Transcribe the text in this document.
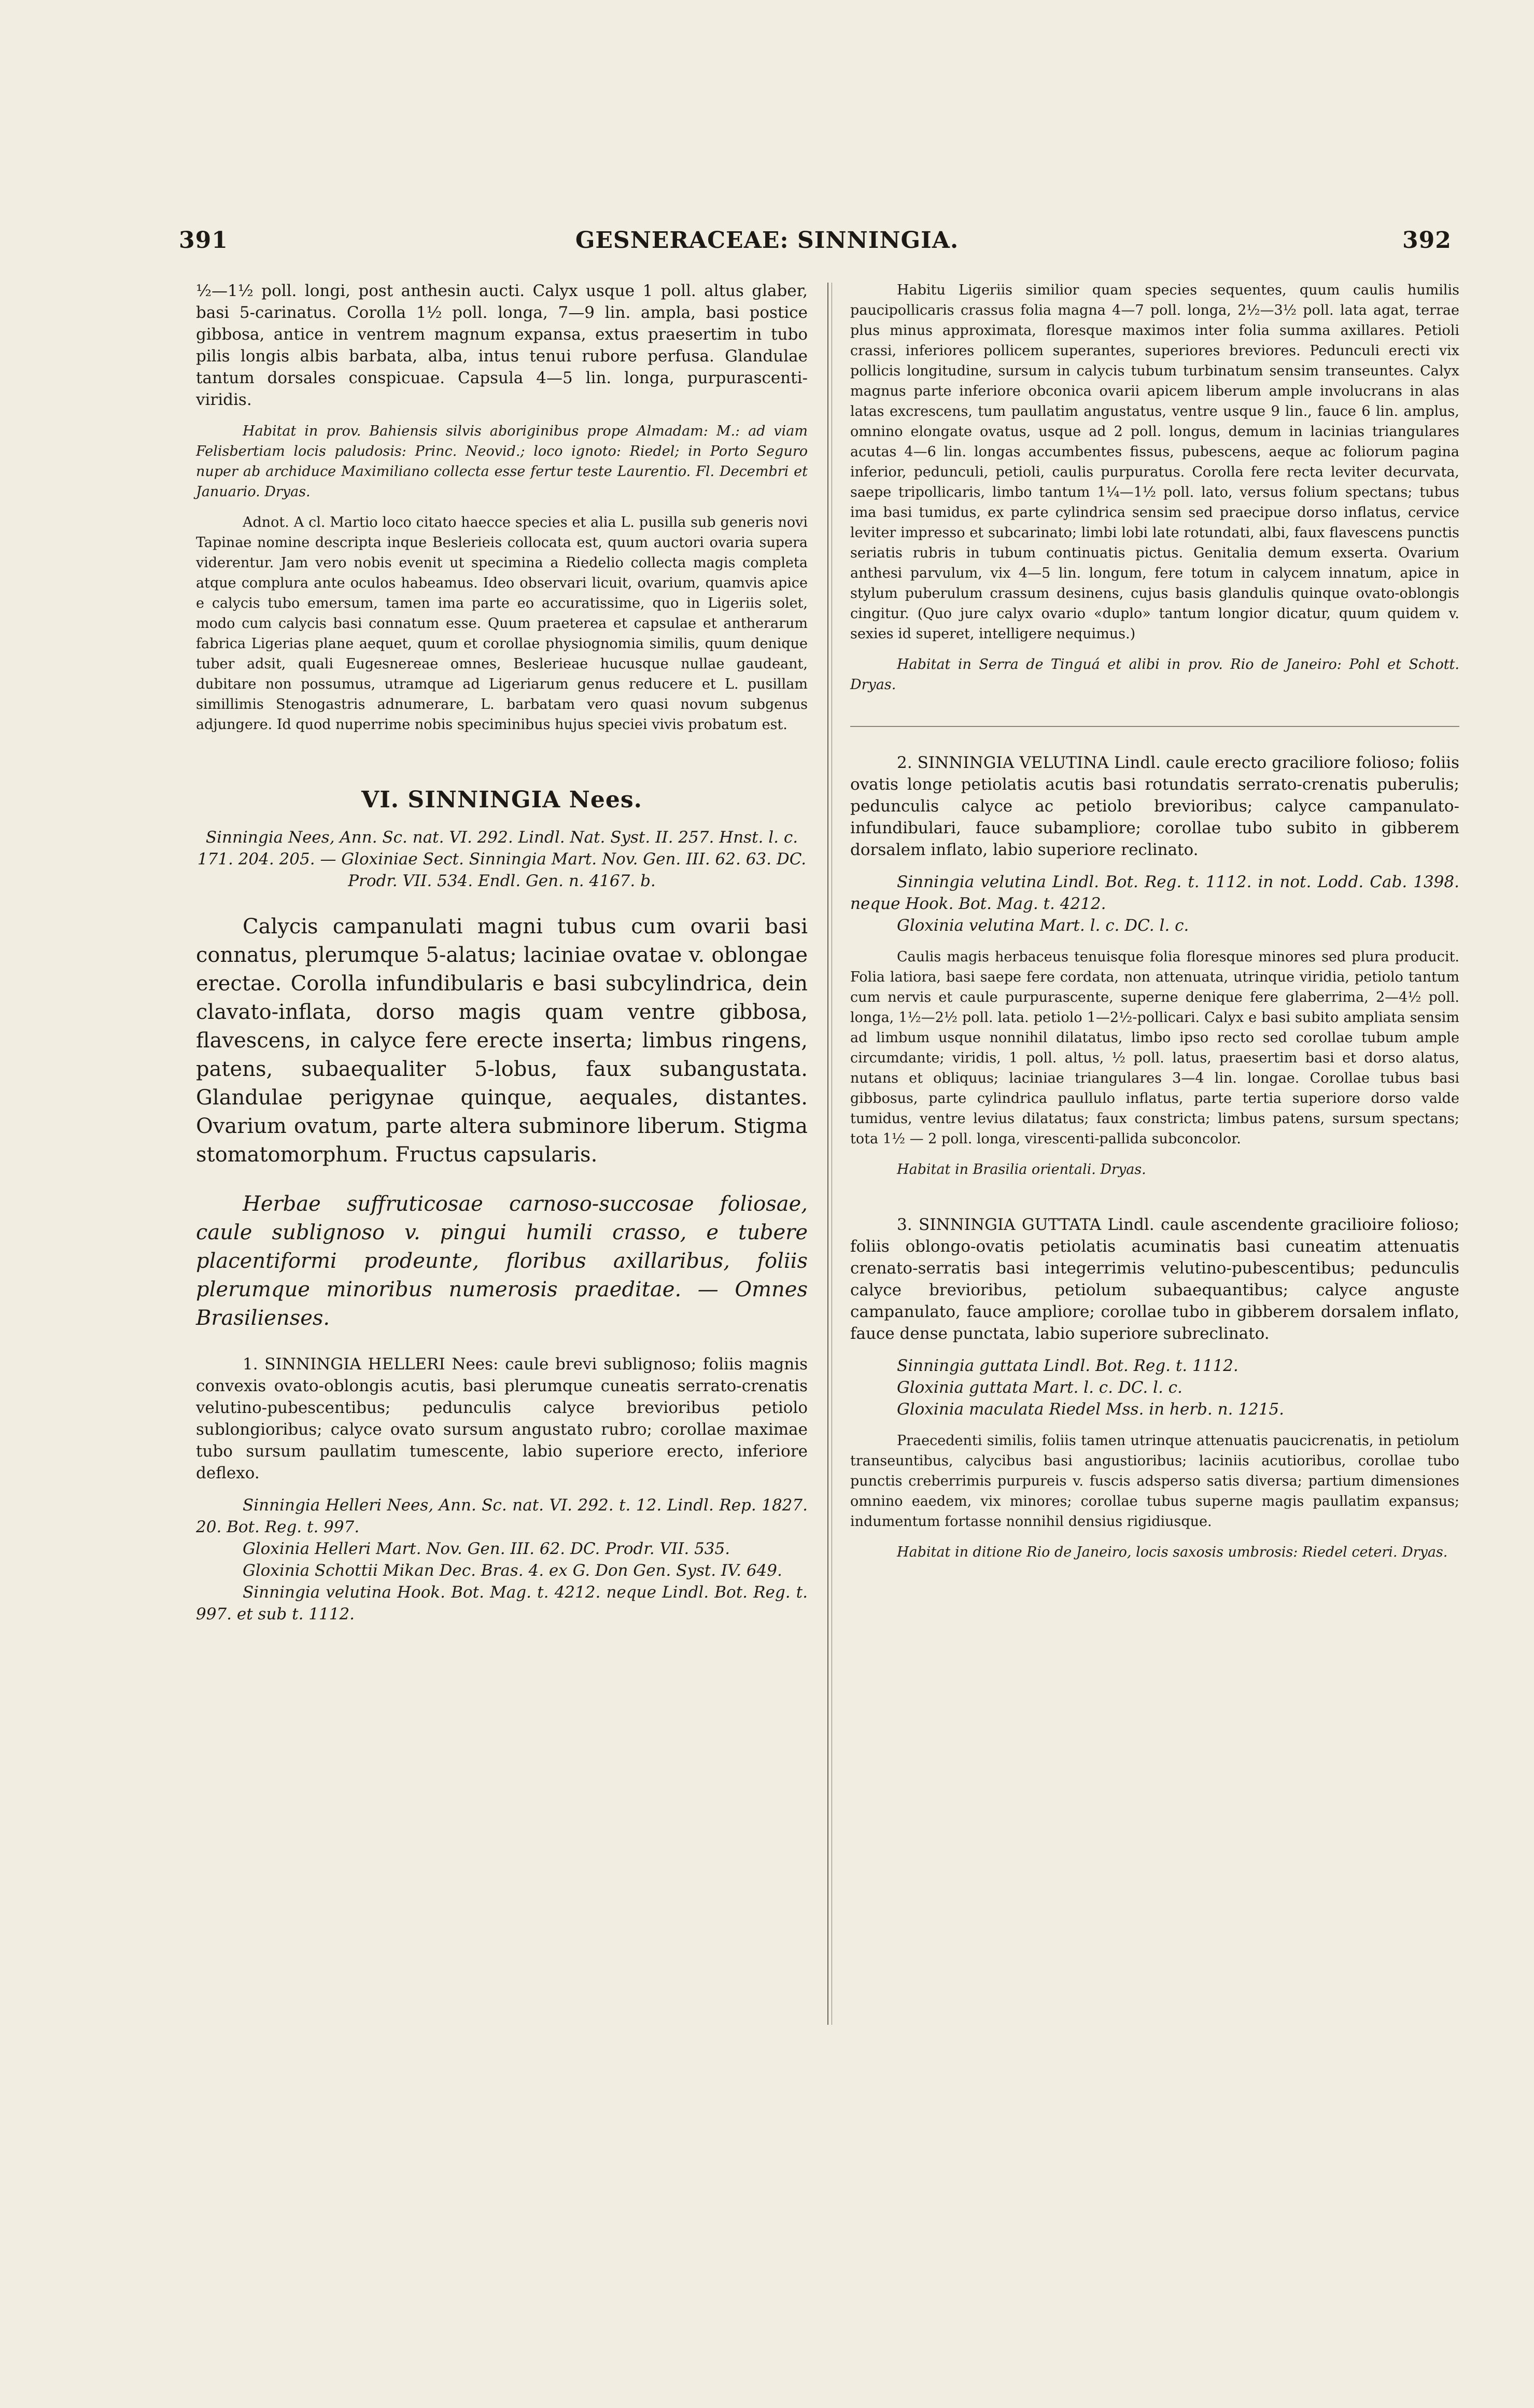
GESNERACEAE: SINNINGIA.
391	392

½—1½ poll. longi, post anthesin aucti. Calyx usque 1 poll. altus glaber, basi 5-carinatus. Corolla 1½ poll. longa, 7—9 lin. ampla, basi postice gibbosa, antice in ventrem magnum expansa, extus praesertim in tubo pilis longis albis barbata, alba, intus tenui rubore perfusa. Glandulae tantum dorsales conspicuae. Capsula 4—5 lin. longa, purpurascenti-viridis.

Habitat in prov. Bahiensis silvis aboriginibus prope Almadam: M.: ad viam Felisbertiam locis paludosis: Princ. Neovid.; loco ignoto: Riedel; in Porto Seguro nuper ab archiduce Maximiliano collecta esse fertur teste Laurentio. Fl. Decembri et Januario. Dryas.

Adnot. A cl. Martio loco citato haecce species et alia L. pusilla sub generis novi Tapinae nomine descripta inque Beslerieis collocata est, quum auctori ovaria supera viderentur. Jam vero nobis evenit ut specimina a Riedelio collecta magis completa atque complura ante oculos habeamus. Ideo observari licuit, ovarium, quamvis apice e calycis tubo emersum, tamen ima parte eo accuratissime, quo in Ligeriis solet, modo cum calycis basi connatum esse. Quum praeterea et capsulae et antherarum fabrica Ligerias plane aequet, quum et corollae physiognomia similis, quum denique tuber adsit, quali Eugesnereae omnes, Beslerieae hucusque nullae gaudeant, dubitare non possumus, utramque ad Ligeriarum genus reducere et L. pusillam simillimis Stenogastris adnumerare, L. barbatam vero quasi novum subgenus adjungere. Id quod nuperrime nobis speciminibus hujus speciei vivis probatum est.

VI. SINNINGIA Nees.

Sinningia Nees, Ann. Sc. nat. VI. 292. Lindl. Nat. Syst. II. 257. Hnst. l. c. 171. 204. 205. — Gloxiniae Sect. Sinningia Mart. Nov. Gen. III. 62. 63. DC. Prodr. VII. 534. Endl. Gen. n. 4167. b.

Calycis campanulati magni tubus cum ovarii basi connatus, plerumque 5-alatus; laciniae ovatae v. oblongae erectae. Corolla infundibularis e basi subcylindrica, dein clavato-inflata, dorso magis quam ventre gibbosa, flavescens, in calyce fere erecte inserta; limbus ringens, patens, subaequaliter 5-lobus, faux subangustata. Glandulae perigynae quinque, aequales, distantes. Ovarium ovatum, parte altera subminore liberum. Stigma stomatomorphum. Fructus capsularis.

Herbae suffruticosae carnoso-succosae foliosae, caule sublignoso v. pingui humili crasso, e tubere placentiformi prodeunte, floribus axillaribus, foliis plerumque minoribus numerosis praeditae. — Omnes Brasilienses.

1. SINNINGIA HELLERI Nees: caule brevi sublignoso; foliis magnis convexis ovato-oblongis acutis, basi plerumque cuneatis serrato-crenatis velutino-pubescentibus; pedunculis calyce brevioribus petiolo sublongioribus; calyce ovato sursum angustato rubro; corollae maximae tubo sursum paullatim tumescente, labio superiore erecto, inferiore deflexo.

Sinningia Helleri Nees, Ann. Sc. nat. VI. 292. t. 12. Lindl. Rep. 1827. 20. Bot. Reg. t. 997.

Gloxinia Helleri Mart. Nov. Gen. III. 62. DC. Prodr. VII. 535.

Gloxinia Schottii Mikan Dec. Bras. 4. ex G. Don Gen. Syst. IV. 649.

Sinningia velutina Hook. Bot. Mag. t. 4212. neque Lindl. Bot. Reg. t. 997. et sub t. 1112.

Habitu Ligeriis similior quam species sequentes, quum caulis humilis paucipollicaris crassus folia magna 4—7 poll. longa, 2½—3½ poll. lata agat, terrae plus minus approximata, floresque maximos inter folia summa axillares. Petioli crassi, inferiores pollicem superantes, superiores breviores. Pedunculi erecti vix pollicis longitudine, sursum in calycis tubum turbinatum sensim transeuntes. Calyx magnus parte inferiore obconica ovarii apicem liberum ample involucrans in alas latas excrescens, tum paullatim angustatus, ventre usque 9 lin., fauce 6 lin. amplus, omnino elongate ovatus, usque ad 2 poll. longus, demum in lacinias triangulares acutas 4—6 lin. longas accumbentes fissus, pubescens, aeque ac foliorum pagina inferior, pedunculi, petioli, caulis purpuratus. Corolla fere recta leviter decurvata, saepe tripollicaris, limbo tantum 1¼—1½ poll. lato, versus folium spectans; tubus ima basi tumidus, ex parte cylindrica sensim sed praecipue dorso inflatus, cervice leviter impresso et subcarinato; limbi lobi late rotundati, albi, faux flavescens punctis seriatis rubris in tubum continuatis pictus. Genitalia demum exserta. Ovarium anthesi parvulum, vix 4—5 lin. longum, fere totum in calycem innatum, apice in stylum puberulum crassum desinens, cujus basis glandulis quinque ovato-oblongis cingitur. (Quo jure calyx ovario «duplo» tantum longior dicatur, quum quidem v. sexies id superet, intelligere nequimus.)

Habitat in Serra de Tinguá et alibi in prov. Rio de Janeiro: Pohl et Schott. Dryas.

2. SINNINGIA VELUTINA Lindl. caule erecto graciliore folioso; foliis ovatis longe petiolatis acutis basi rotundatis serrato-crenatis puberulis; pedunculis calyce ac petiolo brevioribus; calyce campanulato-infundibulari, fauce subampliore; corollae tubo subito in gibberem dorsalem inflato, labio superiore reclinato.

Sinningia velutina Lindl. Bot. Reg. t. 1112. in not. Lodd. Cab. 1398. neque Hook. Bot. Mag. t. 4212.

Gloxinia velutina Mart. l. c. DC. l. c.

Caulis magis herbaceus tenuisque folia floresque minores sed plura producit. Folia latiora, basi saepe fere cordata, non attenuata, utrinque viridia, petiolo tantum cum nervis et caule purpurascente, superne denique fere glaberrima, 2—4½ poll. longa, 1½—2½ poll. lata. petiolo 1—2½-pollicari. Calyx e basi subito ampliata sensim ad limbum usque nonnihil dilatatus, limbo ipso recto sed corollae tubum ample circumdante; viridis, 1 poll. altus, ½ poll. latus, praesertim basi et dorso alatus, nutans et obliquus; laciniae triangulares 3—4 lin. longae. Corollae tubus basi gibbosus, parte cylindrica paullulo inflatus, parte tertia superiore dorso valde tumidus, ventre levius dilatatus; faux constricta; limbus patens, sursum spectans; tota 1½ — 2 poll. longa, virescenti-pallida subconcolor.

Habitat in Brasilia orientali. Dryas.

3. SINNINGIA GUTTATA Lindl. caule ascendente gracilioire folioso; foliis oblongo-ovatis petiolatis acuminatis basi cuneatim attenuatis crenato-serratis basi integerrimis velutino-pubescentibus; pedunculis calyce brevioribus, petiolum subaequantibus; calyce anguste campanulato, fauce ampliore; corollae tubo in gibberem dorsalem inflato, fauce dense punctata, labio superiore subreclinato.

Sinningia guttata Lindl. Bot. Reg. t. 1112.

Gloxinia guttata Mart. l. c. DC. l. c.

Gloxinia maculata Riedel Mss. in herb. n. 1215.

Praecedenti similis, foliis tamen utrinque attenuatis paucicrenatis, in petiolum transeuntibus, calycibus basi angustioribus; laciniis acutioribus, corollae tubo punctis creberrimis purpureis v. fuscis adsperso satis diversa; partium dimensiones omnino eaedem, vix minores; corollae tubus superne magis paullatim expansus; indumentum fortasse nonnihil densius rigidiusque.

Habitat in ditione Rio de Janeiro, locis saxosis umbrosis: Riedel ceteri. Dryas.
